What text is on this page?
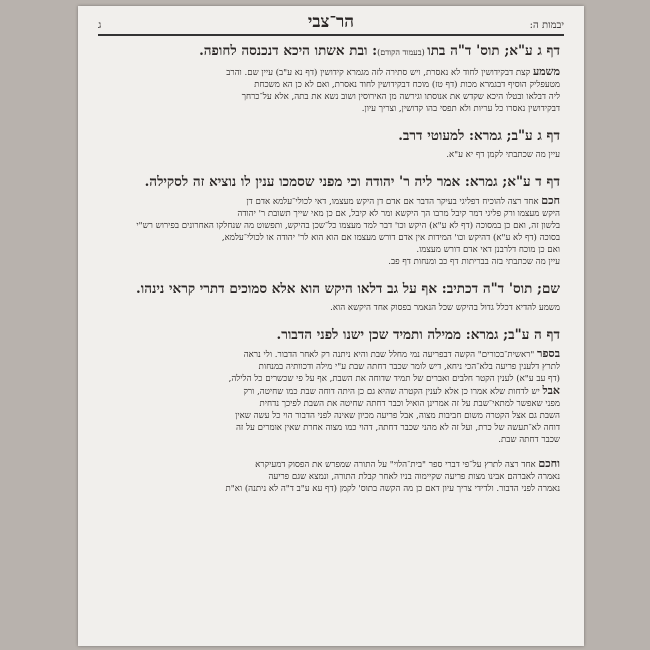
יבמות ה:
הר־צבי
ג
דף ג ע"א; תוס' ד"ה בתו (בעמוד הקודם): ובת אשתו היכא דנכנסה לחופה.
משמע קצת דבקידושין לחוד לא נאסרת, ויש סתירה לזה מגמרא קידושין (דף נא ע"ב) עיין שם. והרב
מטעפליק הוסיף דבגמרא מכות (דף טז) מוכח דבקידושין לחוד נאסרת, ואם לא כן הא משכחת
ליה דבלאו ובטלו היכא שקדש את אנוסתו וגירשה מן האירוסין ושוב נשא את בתה, אלא על־כרחך
דבקידושין נאסרו כל עריות ולא תפסי בהו קדושין, וצריך עיון.
דף ג ע"ב; גמרא: למעוטי דרב.
עיין מה שכתבתי לקמן דף יא ע"א.
דף ד ע"א; גמרא: אמר ליה ר' יהודה וכי מפני שסמכו ענין לו נוציא זה לסקילה.
חכם אחד רצה להוכיח דפליגי בעיקר הדבר אם אדם דן היקש מעצמו, דאי לכולי־עלמא אדם דן
היקש מעצמו ורק פליגי דמר קיבל מרבו הך היקשא ומר לא קיבל, אם כן מאי שייך תשובת ר' יהודה
בלשון זה, ואם כן במסוכה (דף לא ע"א) היקש וכו' דבר למד מעצמו כל־שכן בהיקש, ותפשוט מה שנחלקו האחרונים בפירוש רש"י
בסוכה (דף לא ע"א) דהיקש וכו' המידות אין אדם דורש מעצמו אם הוא הוא לר' יהודה או לכולי־עלמא,
ואם כן מוכח דלרבנן דאי אדם דורש מעצמו.
עיין מה שכתבתי בזה בבריתות דף כב ומנחות דף פב.
שם; תוס' ד"ה דכתיב: אף על גב דלאו היקש הוא אלא סמוכים דתרי קראי נינהו.
משמע להדיא דכלל גדול בהיקש שכל הנאמר בפסוק אחד היקשא הוא.
דף ה ע"ב; גמרא: ממילה ותמיד שכן ישנו לפני הדבור.
בספר "ראשית־בכורים" הקשה דבפריעה נמי מחלל שבת והיא ניתנה רק לאחר הדבור. ולי נראה
לתרץ דלענין פריעה בלא־הכי ניחא, דיש לומר שכבר דחתה שבת ע"י מילה ודכוותיה במנחות
(דף עב ע"א) לענין הקטר חלבים ואברים של תמיד שדוחה את השבת, אף על פי שכשרים כל הלילה,
אבל יש לדחות שלא אמרו כן אלא לענין הקטרה שהיא גם כן היתה דוחה שבת כמו שחיטה, ורק
מפני שאפשר למתאי־שבת על זה אמרינן הואיל וכבר דחתה שחיטה את השבת לפיכך נדחית
השבת גם אצל הקטרה משום חביבות מצוה, אבל פריעה מכיון שאינה לפני הדבור הוי כל עשה שאין
דוחה לא־תעשה של כרת, ועל זה לא מהני שכבר דחתה, דהוי כמו מצוה אחרת שאין אומרים על זה
שכבר דחתה שבת.
וחכם אחד רצה לתרץ על־פי דברי ספר "בית־הלוי" על התורה שמפרש את הפסוק דמעיקרא
נאמרה לאברהם אבינו מצות פריעה שקיימוה בניו לאחר קבלת התורה, ונמצא שגם פריעה
נאמרה לפני הדבור. ולדידי צריך עיון דאם כן מה הקשה בתוס' לקמן (דף עא ע"ב ד"ה לא ניתנה) וא"ת
